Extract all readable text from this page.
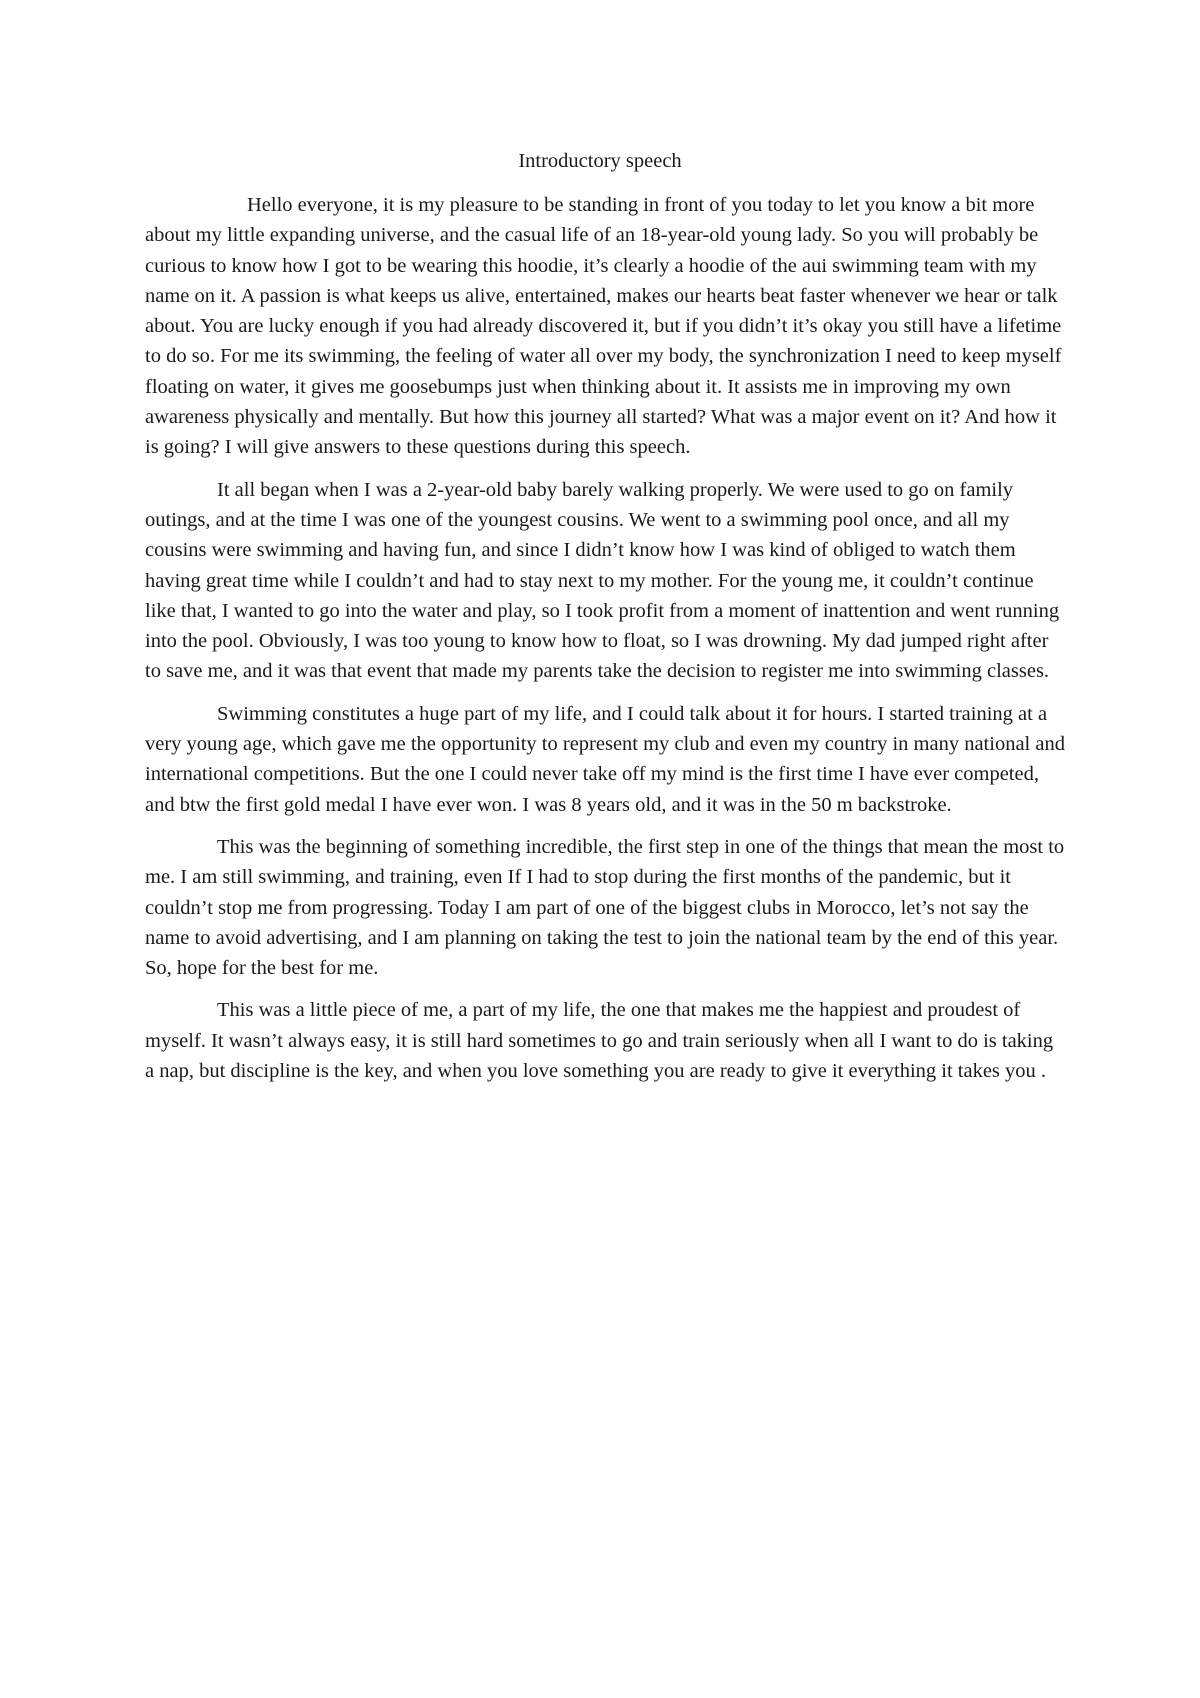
Introductory speech

Hello everyone, it is my pleasure to be standing in front of you today to let you know a bit more about my little expanding universe, and the casual life of an 18-year-old young lady. So you will probably be curious to know how I got to be wearing this hoodie, it’s clearly a hoodie of the aui swimming team with my name on it. A passion is what keeps us alive, entertained, makes our hearts beat faster whenever we hear or talk about. You are lucky enough if you had already discovered it, but if you didn’t it’s okay you still have a lifetime to do so. For me its swimming, the feeling of water all over my body, the synchronization I need to keep myself floating on water, it gives me goosebumps just when thinking about it. It assists me in improving my own awareness physically and mentally. But how this journey all started? What was a major event on it? And how it is going? I will give answers to these questions during this speech.

It all began when I was a 2-year-old baby barely walking properly. We were used to go on family outings, and at the time I was one of the youngest cousins. We went to a swimming pool once, and all my cousins were swimming and having fun, and since I didn’t know how I was kind of obliged to watch them having great time while I couldn’t and had to stay next to my mother. For the young me, it couldn’t continue like that, I wanted to go into the water and play, so I took profit from a moment of inattention and went running into the pool. Obviously, I was too young to know how to float, so I was drowning. My dad jumped right after to save me, and it was that event that made my parents take the decision to register me into swimming classes.

Swimming constitutes a huge part of my life, and I could talk about it for hours. I started training at a very young age, which gave me the opportunity to represent my club and even my country in many national and international competitions. But the one I could never take off my mind is the first time I have ever competed, and btw the first gold medal I have ever won. I was 8 years old, and it was in the 50 m backstroke.

This was the beginning of something incredible, the first step in one of the things that mean the most to me. I am still swimming, and training, even If I had to stop during the first months of the pandemic, but it couldn’t stop me from progressing. Today I am part of one of the biggest clubs in Morocco, let’s not say the name to avoid advertising, and I am planning on taking the test to join the national team by the end of this year. So, hope for the best for me.

This was a little piece of me, a part of my life, the one that makes me the happiest and proudest of myself. It wasn’t always easy, it is still hard sometimes to go and train seriously when all I want to do is taking a nap, but discipline is the key, and when you love something you are ready to give it everything it takes you .
